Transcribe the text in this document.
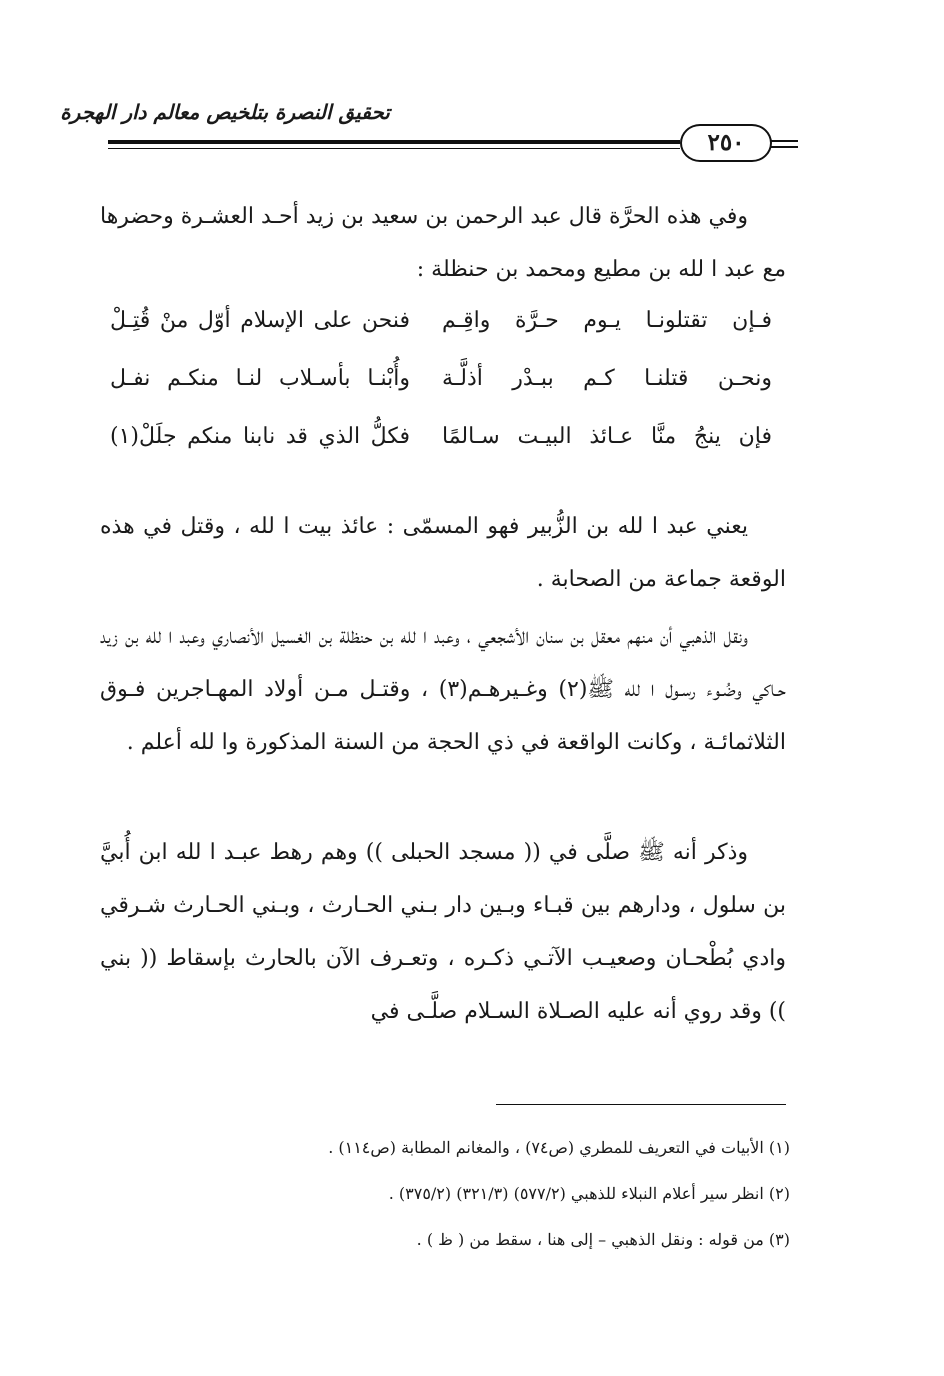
تحقيق النصرة بتلخيص معالم دار الهجرة
٢٥٠

وفي هذه الحرَّة قال عبد الرحمن بن سعيد بن زيد أحـد العشـرة وحضرها مع عبد ا لله بن مطيع ومحمد بن حنظلة :

فـإن تقتلونـا يـوم حـرَّة واقِـم
فنحن على الإسلام أوّل منْ قُتِـلْ
ونحـن قتلنـا كـم ببـدْر أذلَّـة
وأُبْنـا بأسـلاب لنـا منكـم نفـل
فإن ينجُ منَّا عـائذ البيـت سـالمًا
فكلُّ الذي قد نابنا منكم جلَلْ(١)

يعني عبد ا لله بن الزُّبير فهو المسمّى : عائذ بيت ا لله ، وقتل في هذه الوقعة جماعة من الصحابة .

ونقل الذهبي أن منهم معقل بن سنان الأشجعي ، وعبد ا لله بن حنظلة بن الغسيل الأنصاري وعبد ا لله بن زيد حـاكي وضُـوء رسـول ا لله ﷺ(٢) وغـيرهـم(٣) ، وقتـل مـن أولاد المهـاجرين فـوق الثلاثمائـة ، وكانت الواقعة في ذي الحجة من السنة المذكورة وا لله أعلم .

وذكر أنه ﷺ صلَّى في (( مسجد الحبلى )) وهم رهط عبـد ا لله ابن أُبيَّ بن سلول ، ودارهم بين قبـاء وبـين دار بـني الحـارث ، وبـني الحـارث شـرقي وادي بُطْحـان وصعيـب الآتـي ذكـره ، وتعـرف الآن بالحارث بإسقاط (( بني )) وقد روي أنه عليه الصـلاة السـلام صلَّـى في

(١) الأبيات في التعريف للمطري (ص٧٤) ، والمغانم المطابة (ص١١٤) .
(٢) انظر سير أعلام النبلاء للذهبي (٥٧٧/٢) (٣٢١/٣) (٣٧٥/٢) .
(٣) من قوله : ونقل الذهبي – إلى هنا ، سقط من ( ظ ) .
